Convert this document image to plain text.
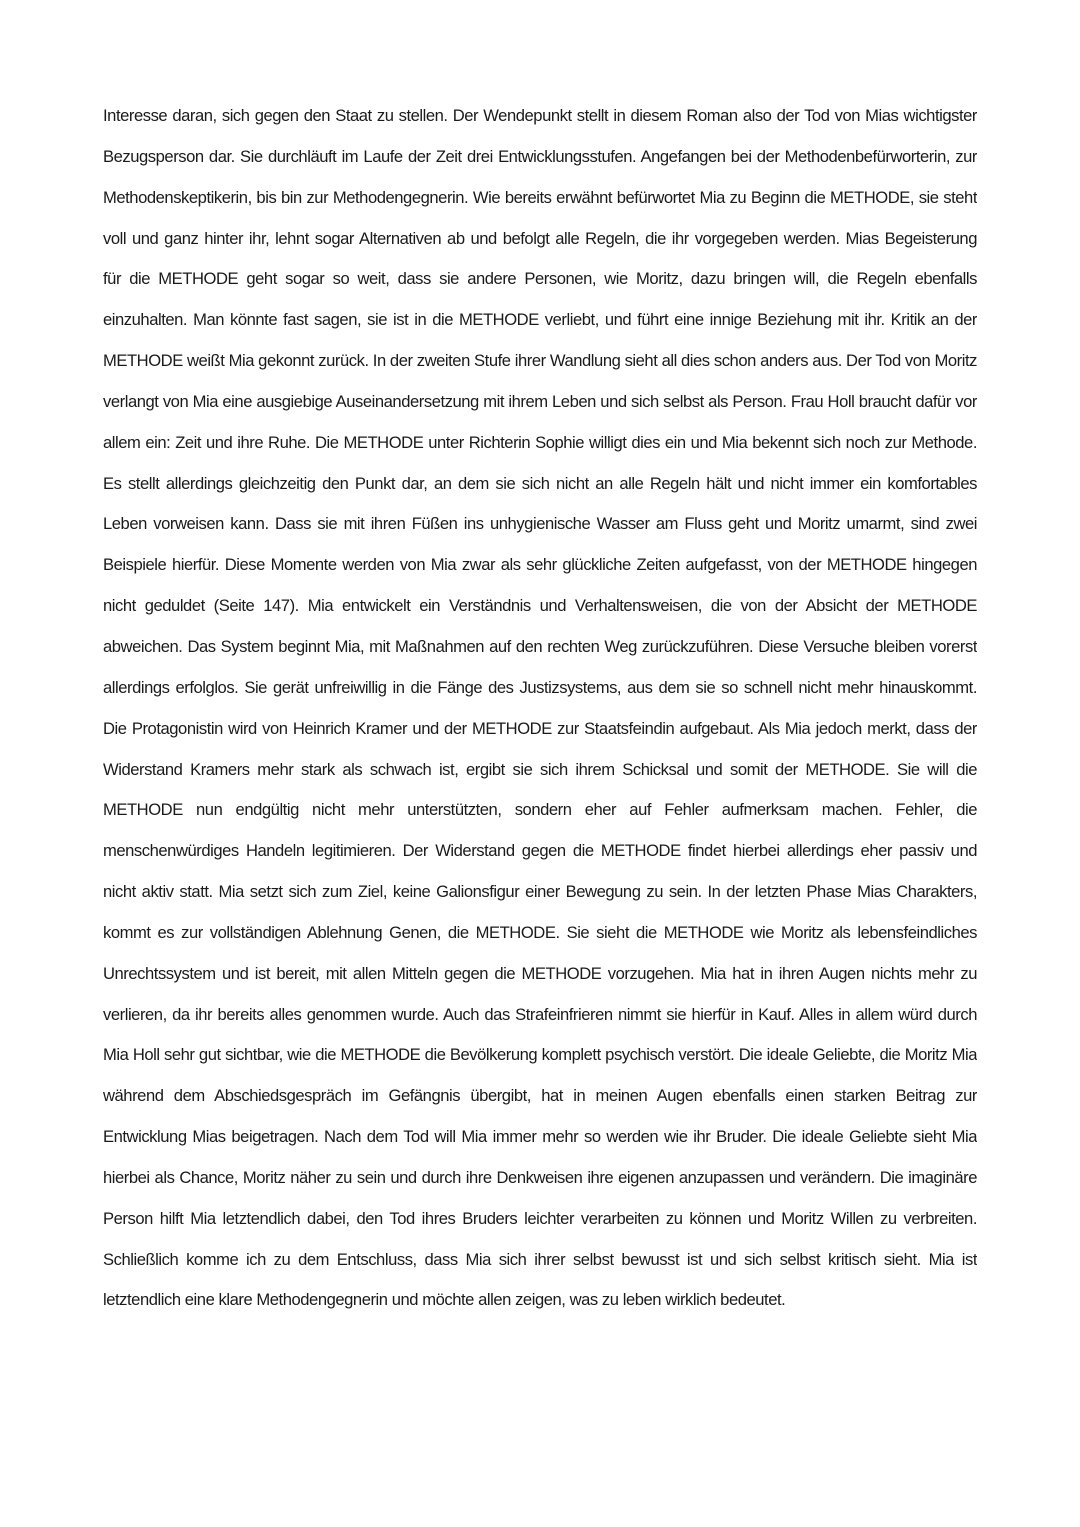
Interesse daran, sich gegen den Staat zu stellen. Der Wendepunkt stellt in diesem Roman also der Tod von Mias wichtigster
Bezugsperson dar. Sie durchläuft im Laufe der Zeit drei Entwicklungsstufen. Angefangen bei der Methodenbefürworterin, zur
Methodenskeptikerin, bis bin zur Methodengegnerin. Wie bereits erwähnt befürwortet Mia zu Beginn die METHODE, sie steht
voll und ganz hinter ihr, lehnt sogar Alternativen ab und befolgt alle Regeln, die ihr vorgegeben werden. Mias Begeisterung
für die METHODE geht sogar so weit, dass sie andere Personen, wie Moritz, dazu bringen will, die Regeln ebenfalls
einzuhalten. Man könnte fast sagen, sie ist in die METHODE verliebt, und führt eine innige Beziehung mit ihr. Kritik an der
METHODE weißt Mia gekonnt zurück. In der zweiten Stufe ihrer Wandlung sieht all dies schon anders aus. Der Tod von Moritz
verlangt von Mia eine ausgiebige Auseinandersetzung mit ihrem Leben und sich selbst als Person. Frau Holl braucht dafür vor
allem ein: Zeit und ihre Ruhe. Die METHODE unter Richterin Sophie willigt dies ein und Mia bekennt sich noch zur Methode.
Es stellt allerdings gleichzeitig den Punkt dar, an dem sie sich nicht an alle Regeln hält und nicht immer ein komfortables
Leben vorweisen kann. Dass sie mit ihren Füßen ins unhygienische Wasser am Fluss geht und Moritz umarmt, sind zwei
Beispiele hierfür. Diese Momente werden von Mia zwar als sehr glückliche Zeiten aufgefasst, von der METHODE hingegen
nicht geduldet (Seite 147). Mia entwickelt ein Verständnis und Verhaltensweisen, die von der Absicht der METHODE
abweichen. Das System beginnt Mia, mit Maßnahmen auf den rechten Weg zurückzuführen. Diese Versuche bleiben vorerst
allerdings erfolglos. Sie gerät unfreiwillig in die Fänge des Justizsystems, aus dem sie so schnell nicht mehr hinauskommt.
Die Protagonistin wird von Heinrich Kramer und der METHODE zur Staatsfeindin aufgebaut. Als Mia jedoch merkt, dass der
Widerstand Kramers mehr stark als schwach ist, ergibt sie sich ihrem Schicksal und somit der METHODE. Sie will die
METHODE nun endgültig nicht mehr unterstützten, sondern eher auf Fehler aufmerksam machen. Fehler, die
menschenwürdiges Handeln legitimieren. Der Widerstand gegen die METHODE findet hierbei allerdings eher passiv und
nicht aktiv statt. Mia setzt sich zum Ziel, keine Galionsfigur einer Bewegung zu sein. In der letzten Phase Mias Charakters,
kommt es zur vollständigen Ablehnung Genen, die METHODE. Sie sieht die METHODE wie Moritz als lebensfeindliches
Unrechtssystem und ist bereit, mit allen Mitteln gegen die METHODE vorzugehen. Mia hat in ihren Augen nichts mehr zu
verlieren, da ihr bereits alles genommen wurde. Auch das Strafeinfrieren nimmt sie hierfür in Kauf. Alles in allem würd durch
Mia Holl sehr gut sichtbar, wie die METHODE die Bevölkerung komplett psychisch verstört. Die ideale Geliebte, die Moritz Mia
während dem Abschiedsgespräch im Gefängnis übergibt, hat in meinen Augen ebenfalls einen starken Beitrag zur
Entwicklung Mias beigetragen. Nach dem Tod will Mia immer mehr so werden wie ihr Bruder. Die ideale Geliebte sieht Mia
hierbei als Chance, Moritz näher zu sein und durch ihre Denkweisen ihre eigenen anzupassen und verändern. Die imaginäre
Person hilft Mia letztendlich dabei, den Tod ihres Bruders leichter verarbeiten zu können und Moritz Willen zu verbreiten.
Schließlich komme ich zu dem Entschluss, dass Mia sich ihrer selbst bewusst ist und sich selbst kritisch sieht. Mia ist
letztendlich eine klare Methodengegnerin und möchte allen zeigen, was zu leben wirklich bedeutet.
